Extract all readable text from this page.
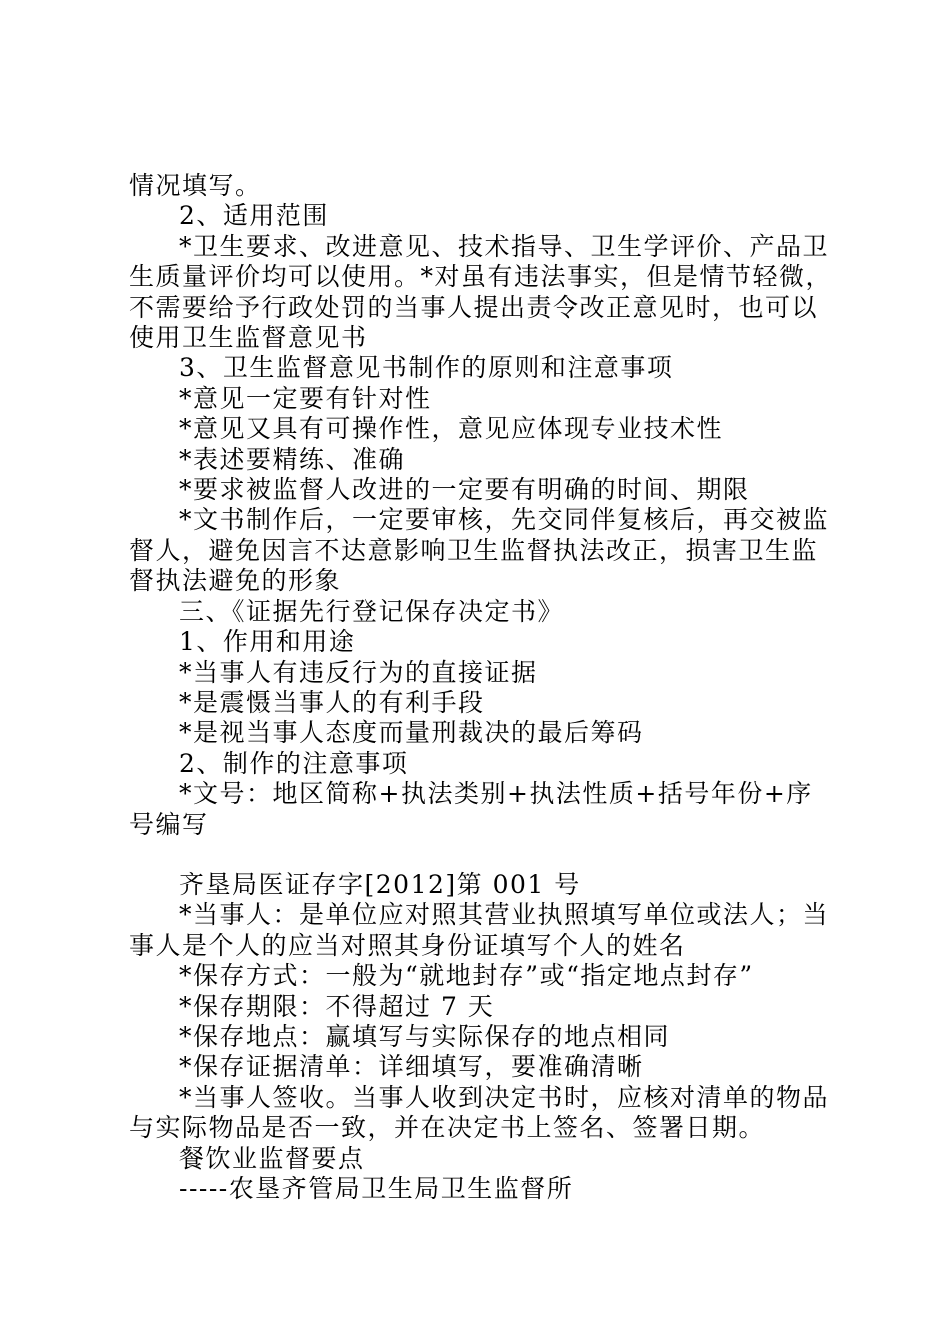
情况填写。

2、适用范围

*卫生要求、改进意见、技术指导、卫生学评价、产品卫生质量评价均可以使用。*对虽有违法事实，但是情节轻微，不需要给予行政处罚的当事人提出责令改正意见时，也可以使用卫生监督意见书

3、卫生监督意见书制作的原则和注意事项

*意见一定要有针对性

*意见又具有可操作性，意见应体现专业技术性

*表述要精练、准确

*要求被监督人改进的一定要有明确的时间、期限

*文书制作后，一定要审核，先交同伴复核后，再交被监督人，避免因言不达意影响卫生监督执法改正，损害卫生监督执法避免的形象

三、《证据先行登记保存决定书》

1、作用和用途

*当事人有违反行为的直接证据

*是震慑当事人的有利手段

*是视当事人态度而量刑裁决的最后筹码

2、制作的注意事项

*文号：地区简称+执法类别+执法性质+括号年份+序号编写

齐垦局医证存字[2012]第 001 号

*当事人：是单位应对照其营业执照填写单位或法人；当事人是个人的应当对照其身份证填写个人的姓名

*保存方式：一般为“就地封存”或“指定地点封存”

*保存期限：不得超过 7 天

*保存地点：赢填写与实际保存的地点相同

*保存证据清单：详细填写，要准确清晰

*当事人签收。当事人收到决定书时，应核对清单的物品与实际物品是否一致，并在决定书上签名、签署日期。

餐饮业监督要点

-----农垦齐管局卫生局卫生监督所
